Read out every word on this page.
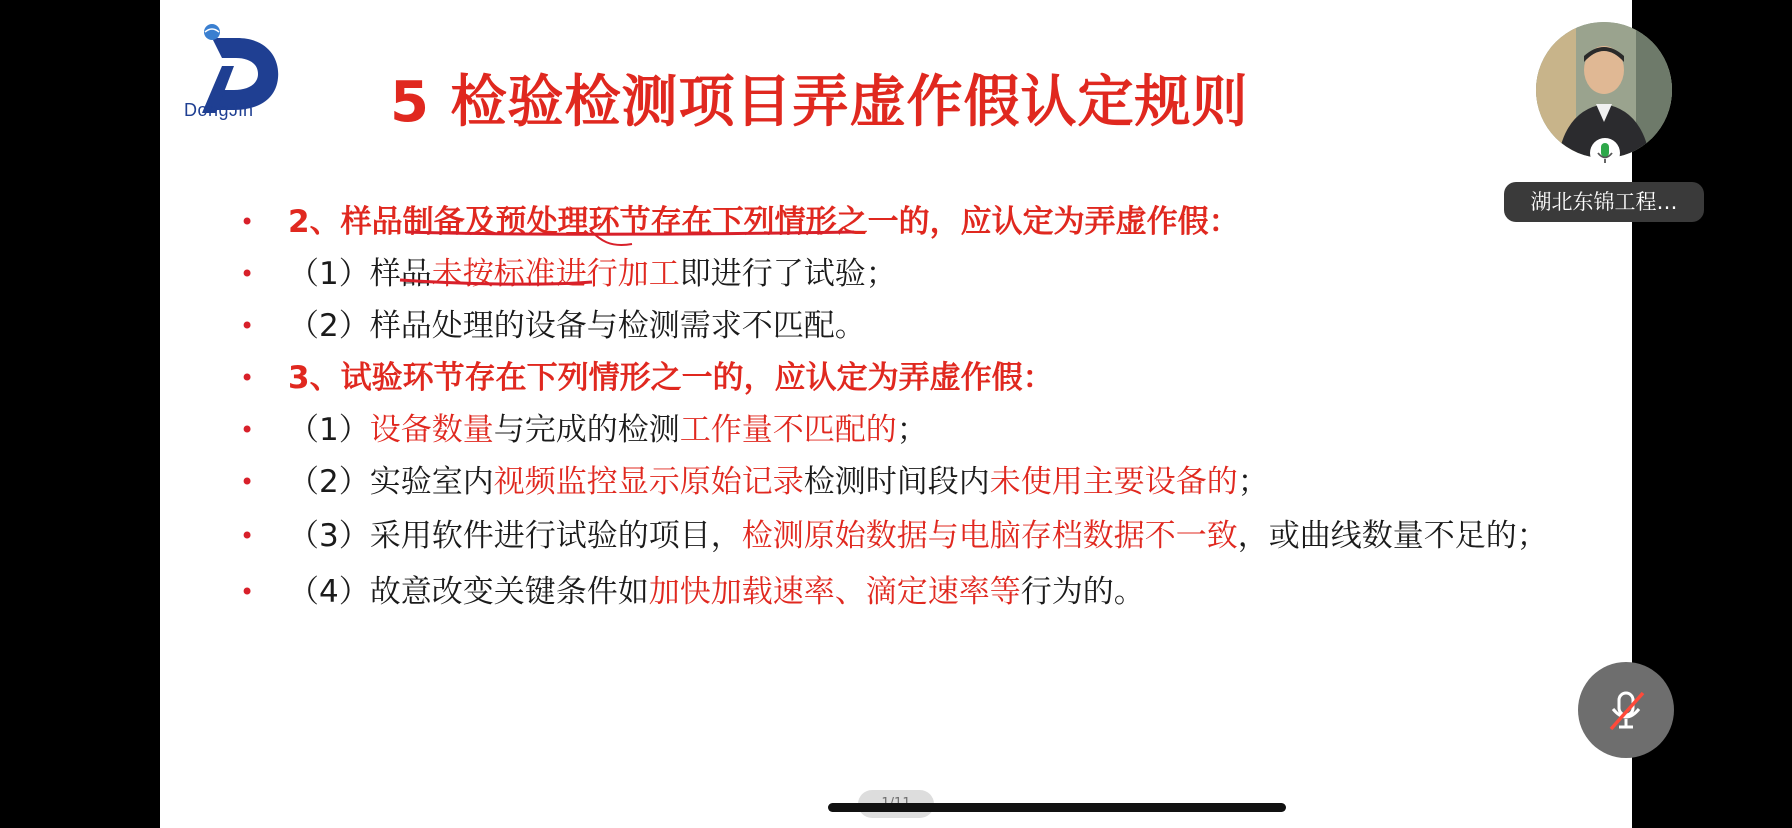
DongJin 5 检验检测项目弄虚作假认定规则
• 2、样品制备及预处理环节存在下列情形之一的，应认定为弄虚作假：
• （1）样品未按标准进行加工即进行了试验；
• （2）样品处理的设备与检测需求不匹配。
• 3、试验环节存在下列情形之一的，应认定为弄虚作假：
• （1）设备数量与完成的检测工作量不匹配的；
• （2）实验室内视频监控显示原始记录检测时间段内未使用主要设备的；
• （3）采用软件进行试验的项目，检测原始数据与电脑存档数据不一致，或曲线数量不足的；
• （4）故意改变关键条件如加快加载速率、滴定速率等行为的。
湖北东锦工程…
